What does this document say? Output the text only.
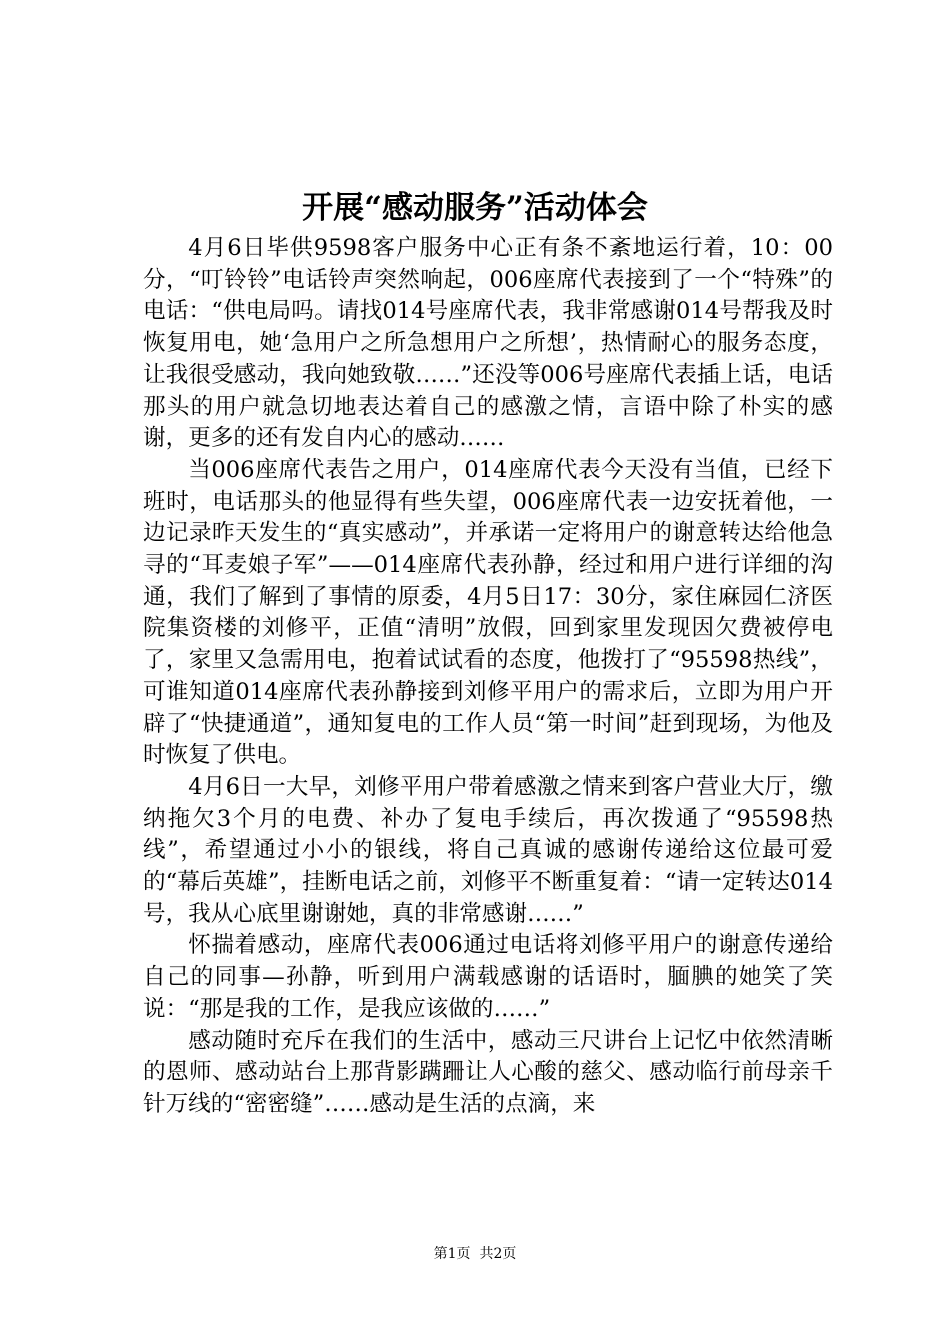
开展“感动服务”活动体会

4月6日毕供9598客户服务中心正有条不紊地运行着，10：00分，“叮铃铃”电话铃声突然响起，006座席代表接到了一个“特殊”的电话：“供电局吗。请找014号座席代表，我非常感谢014号帮我及时恢复用电，她‘急用户之所急想用户之所想’，热情耐心的服务态度，让我很受感动，我向她致敬……”还没等006号座席代表插上话，电话那头的用户就急切地表达着自己的感激之情，言语中除了朴实的感谢，更多的还有发自内心的感动……

当006座席代表告之用户，014座席代表今天没有当值，已经下班时，电话那头的他显得有些失望，006座席代表一边安抚着他，一边记录昨天发生的“真实感动”，并承诺一定将用户的谢意转达给他急寻的“耳麦娘子军”——014座席代表孙静，经过和用户进行详细的沟通，我们了解到了事情的原委，4月5日17：30分，家住麻园仁济医院集资楼的刘修平，正值“清明”放假，回到家里发现因欠费被停电了，家里又急需用电，抱着试试看的态度，他拨打了“95598热线”，可谁知道014座席代表孙静接到刘修平用户的需求后，立即为用户开辟了“快捷通道”，通知复电的工作人员“第一时间”赶到现场，为他及时恢复了供电。

4月6日一大早，刘修平用户带着感激之情来到客户营业大厅，缴纳拖欠3个月的电费、补办了复电手续后，再次拨通了“95598热线”，希望通过小小的银线，将自己真诚的感谢传递给这位最可爱的“幕后英雄”，挂断电话之前，刘修平不断重复着：“请一定转达014号，我从心底里谢谢她，真的非常感谢……”

怀揣着感动，座席代表006通过电话将刘修平用户的谢意传递给自己的同事—孙静，听到用户满载感谢的话语时，腼腆的她笑了笑说：“那是我的工作，是我应该做的……”

感动随时充斥在我们的生活中，感动三尺讲台上记忆中依然清晰的恩师、感动站台上那背影蹒跚让人心酸的慈父、感动临行前母亲千针万线的“密密缝”……感动是生活的点滴，来

第1页 共2页
